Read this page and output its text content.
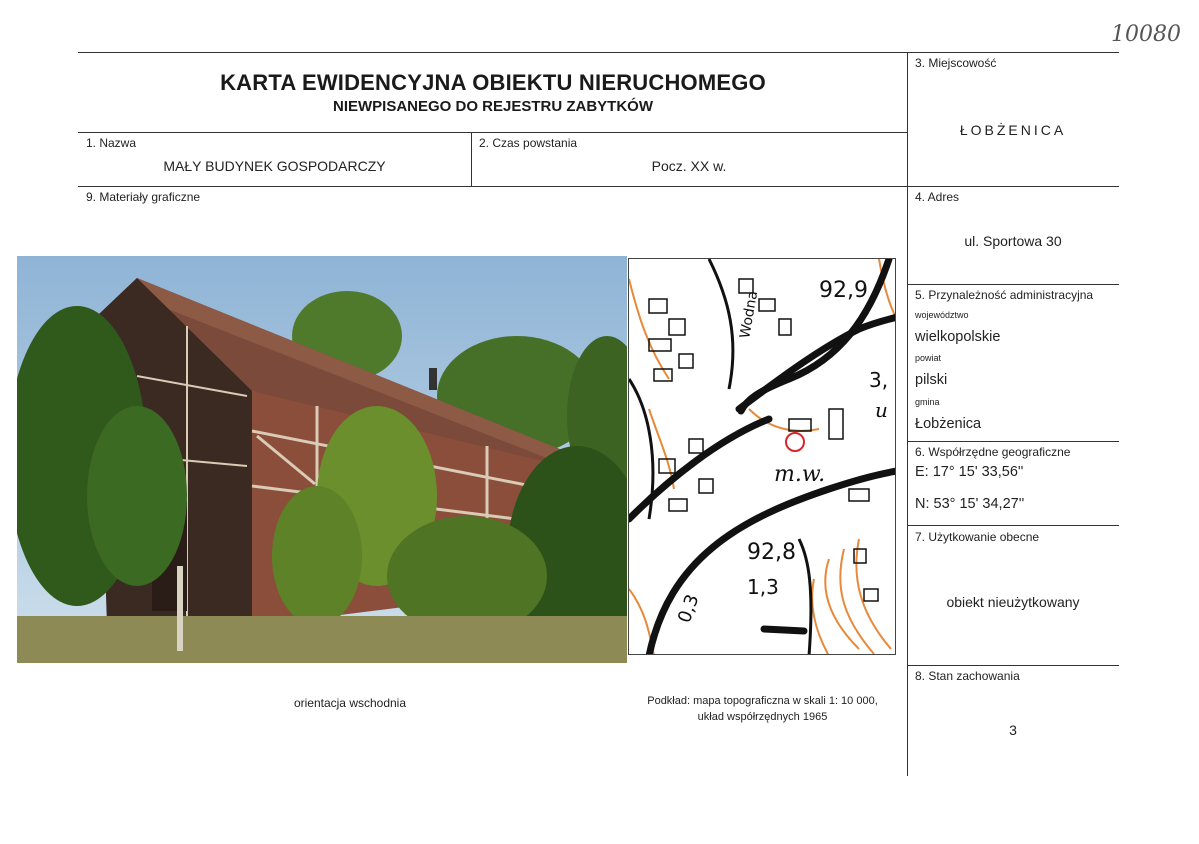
10080
KARTA EWIDENCYJNA OBIEKTU NIERUCHOMEGO
NIEWPISANEGO DO REJESTRU ZABYTKÓW
1. Nazwa
MAŁY BUDYNEK GOSPODARCZY
2. Czas powstania
Pocz. XX w.
3. Miejscowość
ŁOBŻENICA
4. Adres
ul. Sportowa 30
5. Przynależność administracyjna
województwo
wielkopolskie
powiat
pilski
gmina
Łobżenica
6. Współrzędne geograficzne
E: 17° 15' 33,56''
N: 53° 15' 34,27''
7. Użytkowanie obecne
obiekt nieużytkowany
8. Stan zachowania
3
9. Materiały graficzne
92,9
92,8
3,
u
m.w.
1,3
0,3
Wodna
orientacja wschodnia	Podkład: mapa topograficzna w skali 1: 10 000,
układ współrzędnych 1965
